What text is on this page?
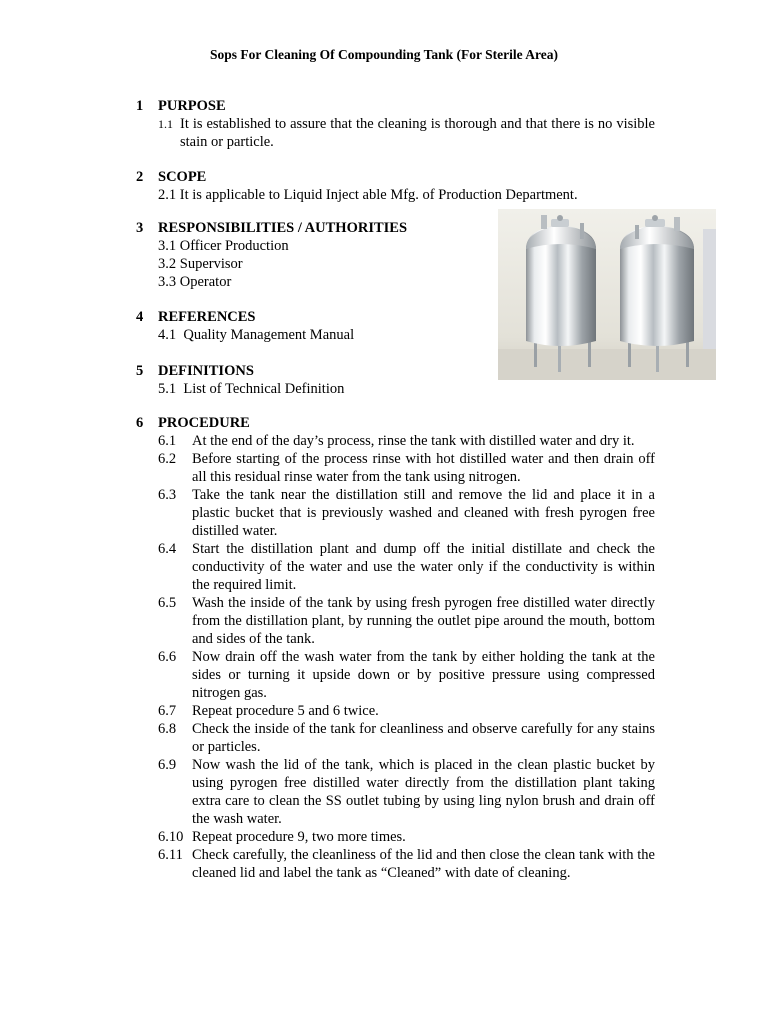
Sops For Cleaning Of Compounding Tank (For Sterile Area)
1 PURPOSE
1.1 It is established to assure that the cleaning is thorough and that there is no visible stain or particle.
2 SCOPE
2.1 It is applicable to Liquid Inject able Mfg. of Production Department.
3 RESPONSIBILITIES / AUTHORITIES
3.1 Officer Production
3.2 Supervisor
3.3 Operator
4 REFERENCES
4.1  Quality Management Manual
5 DEFINITIONS
5.1  List of Technical Definition
6 PROCEDURE
6.1 At the end of the day’s process, rinse the tank with distilled water and dry it.
6.2 Before starting of the process rinse with hot distilled water and then drain off all this residual rinse water from the tank using nitrogen.
6.3 Take the tank near the distillation still and remove the lid and place it in a plastic bucket that is previously washed and cleaned with fresh pyrogen free distilled water.
6.4 Start the distillation plant and dump off the initial distillate and check the conductivity of the water and use the water only if the conductivity is within the required limit.
6.5 Wash the inside of the tank by using fresh pyrogen free distilled water directly from the distillation plant, by running the outlet pipe around the mouth, bottom and sides of the tank.
6.6 Now drain off the wash water from the tank by either holding the tank at the sides or turning it upside down or by positive pressure using compressed nitrogen gas.
6.7 Repeat procedure 5 and 6 twice.
6.8 Check the inside of the tank for cleanliness and observe carefully for any stains or particles.
6.9 Now wash the lid of the tank, which is placed in the clean plastic bucket by using pyrogen free distilled water directly from the distillation plant taking extra care to clean the SS outlet tubing by using ling nylon brush and drain off the wash water.
6.10 Repeat procedure 9, two more times.
6.11 Check carefully, the cleanliness of the lid and then close the clean tank with the cleaned lid and label the tank as “Cleaned” with date of cleaning.
